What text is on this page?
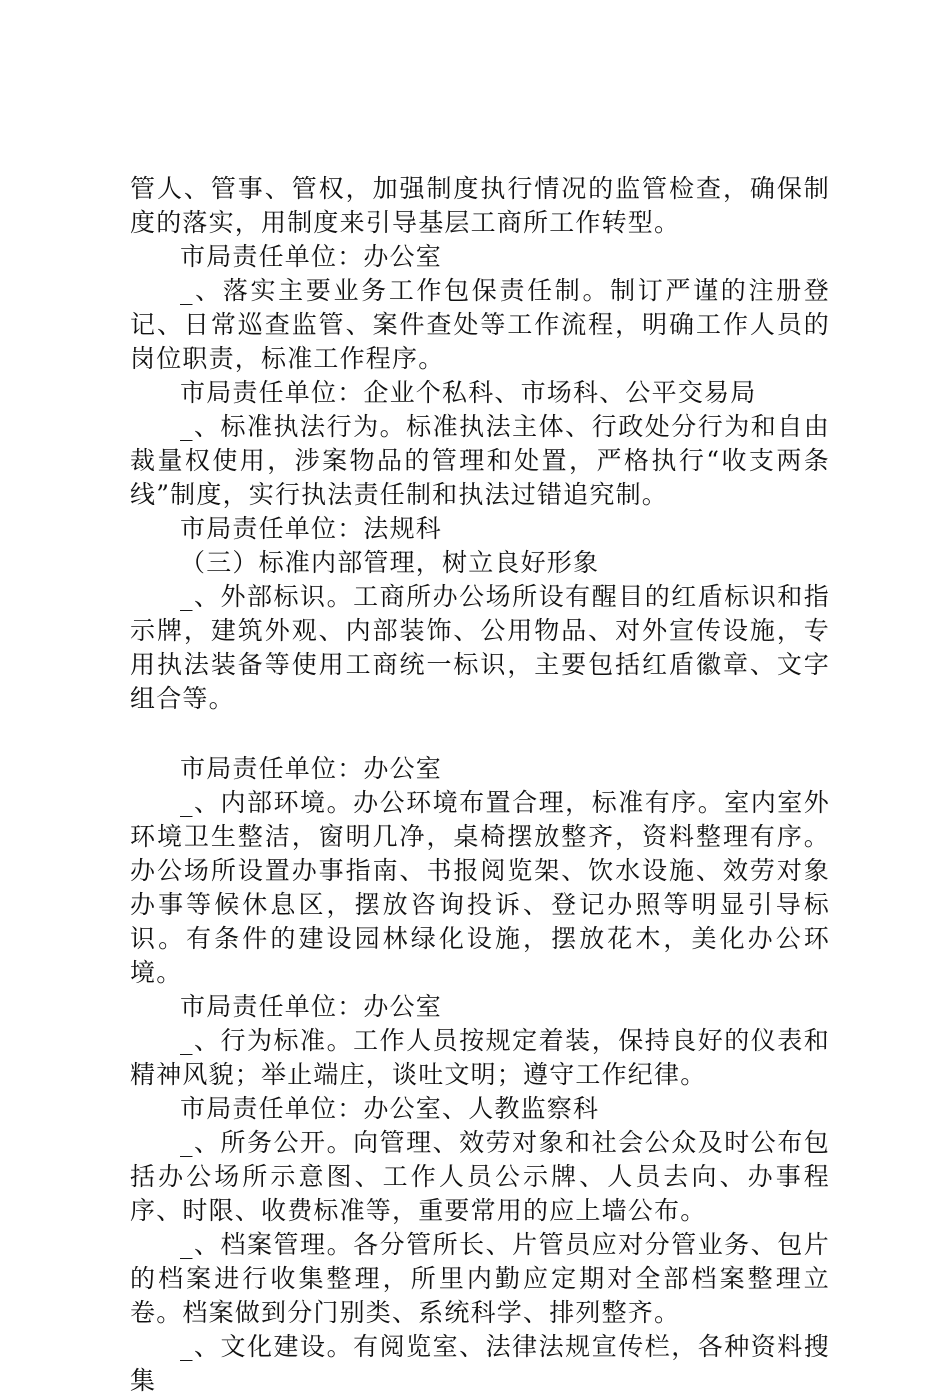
管人、管事、管权，加强制度执行情况的监管检查，确保制度的落实，用制度来引导基层工商所工作转型。

市局责任单位：办公室

_、落实主要业务工作包保责任制。制订严谨的注册登记、日常巡查监管、案件查处等工作流程，明确工作人员的岗位职责，标准工作程序。

市局责任单位：企业个私科、市场科、公平交易局

_、标准执法行为。标准执法主体、行政处分行为和自由裁量权使用，涉案物品的管理和处置，严格执行“收支两条线”制度，实行执法责任制和执法过错追究制。

市局责任单位：法规科

（三）标准内部管理，树立良好形象

_、外部标识。工商所办公场所设有醒目的红盾标识和指示牌，建筑外观、内部装饰、公用物品、对外宣传设施，专用执法装备等使用工商统一标识，主要包括红盾徽章、文字组合等。

市局责任单位：办公室

_、内部环境。办公环境布置合理，标准有序。室内室外环境卫生整洁，窗明几净，桌椅摆放整齐，资料整理有序。办公场所设置办事指南、书报阅览架、饮水设施、效劳对象办事等候休息区，摆放咨询投诉、登记办照等明显引导标识。有条件的建设园林绿化设施，摆放花木，美化办公环境。

市局责任单位：办公室

_、行为标准。工作人员按规定着装，保持良好的仪表和精神风貌；举止端庄，谈吐文明；遵守工作纪律。

市局责任单位：办公室、人教监察科

_、所务公开。向管理、效劳对象和社会公众及时公布包括办公场所示意图、工作人员公示牌、人员去向、办事程序、时限、收费标准等，重要常用的应上墙公布。

_、档案管理。各分管所长、片管员应对分管业务、包片的档案进行收集整理，所里内勤应定期对全部档案整理立卷。档案做到分门别类、系统科学、排列整齐。

_、文化建设。有阅览室、法律法规宣传栏，各种资料搜集
